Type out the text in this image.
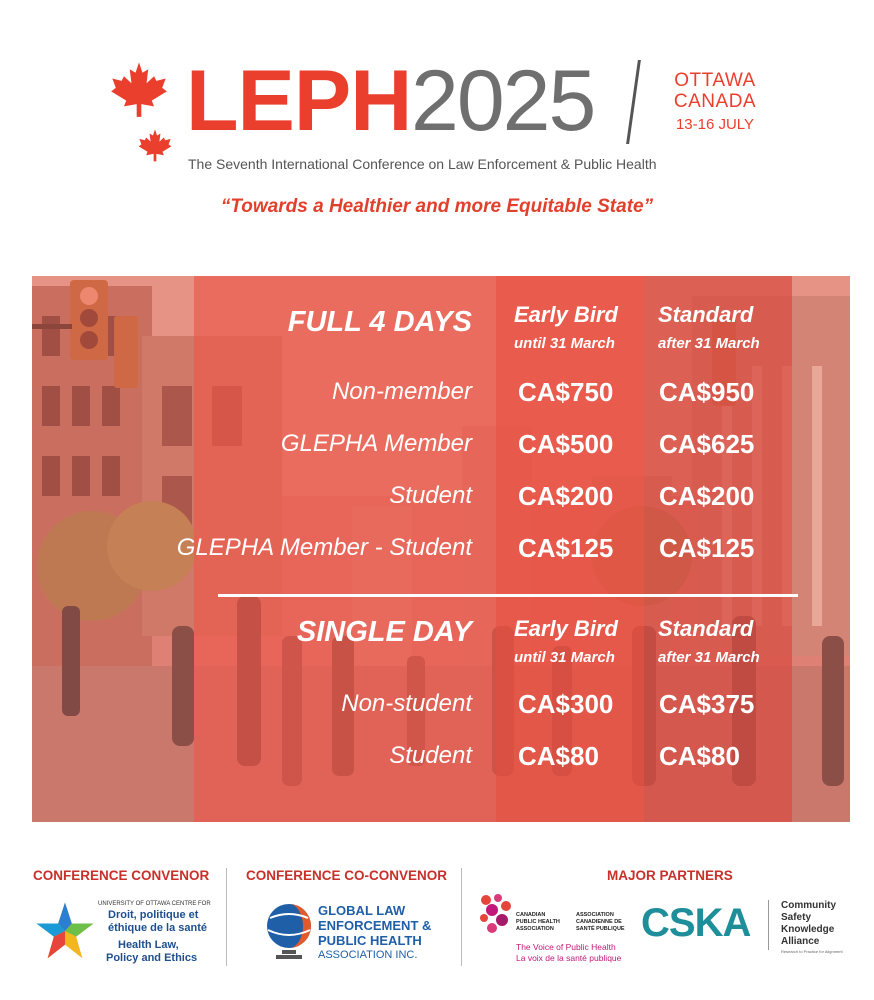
LEPH 2025	OTTAWA
CANADA
13-16 JULY
The Seventh International Conference on Law Enforcement & Public Health
“Towards a Healthier and more Equitable State”
FULL 4 DAYS Early Bird
until 31 March
Standard
after 31 March
Non-member CA$750 CA$950
GLEPHA Member CA$500 CA$625
Student CA$200 CA$200
GLEPHA Member - Student CA$125 CA$125
SINGLE DAY Early Bird
until 31 March
Standard
after 31 March
Non-student CA$300 CA$375
Student CA$80 CA$80
CONFERENCE CONVENOR
UNIVERSITY OF OTTAWA CENTRE FOR
Droit, politique et
éthique de la santé
Health Law,
Policy and Ethics
CONFERENCE CO-CONVENOR
GLOBAL LAW
ENFORCEMENT &
PUBLIC HEALTH
ASSOCIATION INC.
MAJOR PARTNERS
CANADIAN
PUBLIC HEALTH
ASSOCIATION
ASSOCIATION
CANADIENNE DE
SANTÉ PUBLIQUE
The Voice of Public Health
La voix de la santé publique
CSKA	Community
Safety
Knowledge
Alliance
Research to Practice for Alignment
